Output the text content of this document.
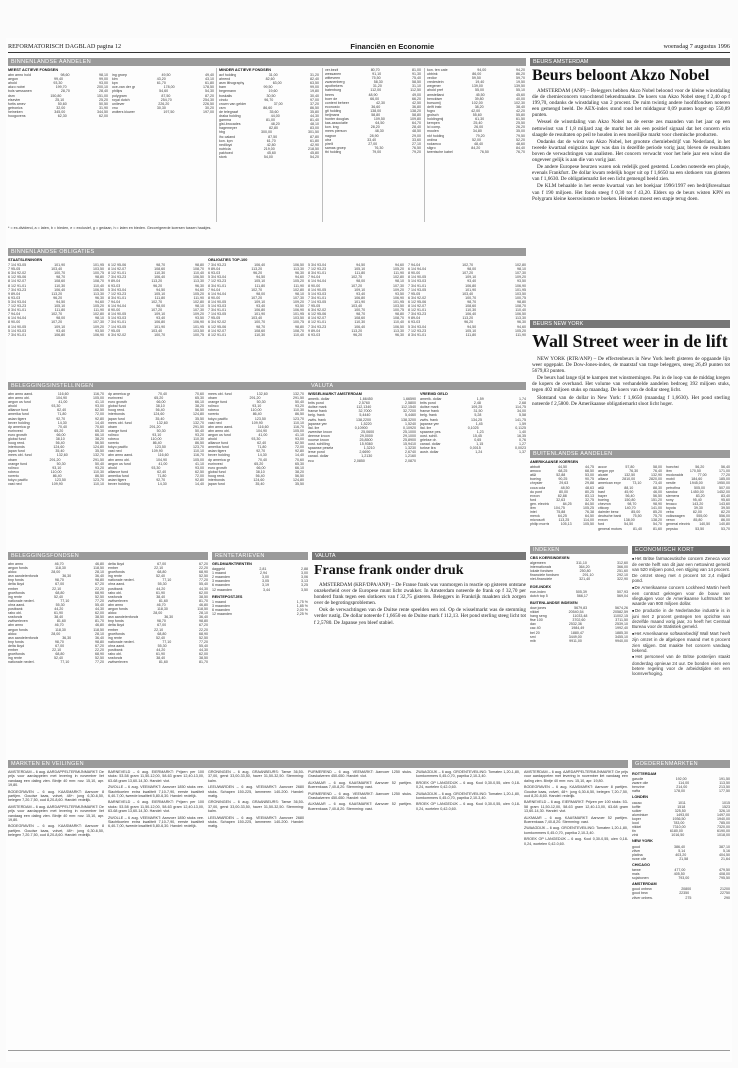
REFORMATORISCH DAGBLAD pagina 12	Financiën en Economie	woensdag 7 augustus 1996
BINNENLANDSE AANDELEN
MEEST ACTIEVE FONDSEN
abn amro hold	98,60	98,10
aegon	99,40	99,00
ahold	93,30	93,00
akzo nobel	199,70	200,10
bols wessanen	28,70	28,40
dsm	150,80	151,00
elsevier	25,10	25,20
fortis amev	50,60	50,50
getronics	32,00	31,90
heineken	345,00	344,50
hoogovens	62,30	62,00

ing groep	49,50	49,40
klm	43,20	43,10
kpn	61,70	61,80
oce-van der gr	178,00	178,50
philips	54,60	54,30
polygram	87,50	87,20
royal dutch	254,70	254,30
unilever	226,20	226,50
vnu	30,30	30,20
wolters kluwer	197,50	197,00
MINDER ACTIEVE FONDSEN
acf holding	31,00	31,20
ahrend	82,60	82,40
asm lithography	63,00	63,50
bam	99,50	99,00
begemann	19,60	19,80
boskalis	30,50	30,40
cindu	96,70	97,00
crown van gelder	37,00	37,20
csm	86,60	86,50
de telegraaf	35,60	35,80
draka holding	44,00	44,30
gamma	81,00	81,40
gist-brocades	48,20	48,10
hagemeyer	82,80	83,00
hbg	300,00	301,50
ihc caland	87,50	87,80
kon. kpn	61,70	61,80
nedlloyd	42,80	42,90
nutricia	219,00	218,50
pakhoed	45,60	45,80
stork	54,00	54,20
ver.bezit	80,70	81,00
wessanen	91,10	91,30
witteveen	75,50	75,40
zwanenberg	58,30	58,50
apothekers	31,20	31,10
batenburg	112,00	112,50
beers	48,90	49,00
boer de	66,00	66,20
content beheer	42,30	42,50
econosto	36,60	36,80
gti holding	138,00	138,20
heijmans	58,80	58,80
hunter douglas	109,50	109,80
kas-associatie	64,50	64,70
kon. kng	28,20	28,40
mees pierson	48,30	48,50
nagron	28,90	29,00
otra	33,40	33,60
pirelli	27,00	27,10
samas groep	76,30	76,50
tbi holding	79,00	79,20
kon. ten cate	94,00	94,20
ubbink	86,00	86,20
vedior	59,50	59,70
vredestein	19,40	19,50
wegener	139,00	139,50
ahold pref	55,00	55,10
amstelland	45,50	45,60
benckiser	39,80	40,00
borsumij	102,00	102,30
delft instr.	38,20	38,40
fugro	42,00	42,20
grolsch	55,60	55,80
holdingmij	61,30	61,50
kempen	25,40	25,50
lci comp.	26,00	26,20
moolen	34,80	35,00
nkf holding	79,20	79,50
ordina	52,00	52,20
rodamco	48,40	48,60
sligro	84,20	84,40
twentsche kabel	76,50	76,70
* = ex-dividend, a = laten, b = bieden, e = exclusief, g = gedaan, h = laten en bieden. Gecorrigeerde koersen tussen haakjes.
BEURS AMSTERDAM
Beurs beloont Akzo Nobel

AMSTERDAM (ANP) – Beleggers hebben Akzo Nobel beloond voor de kleine winstdaling die de chemieconcern vanochtend bekendmaakte. De koers van Akzo Nobel steeg f 2,40 op f 199,70, ondanks de winstdaling van 2 procent. De ruim twintig andere hoofdfondsen noteren een gemengd beeld. De AEX-index stond rond het middaguur 0,09 punten hoger op 550,89 punten.

Wessel de winstdaling van Akzo Nobel na de eerste zes maanden van het jaar op een nettowinst van f 1,8 miljard zag de markt het als een positief signaal dat het concern erin slaagde de resultaten op peil te houden in een moeilijke markt voor chemische producten.

Ondanks dat de winst van Akzo Nobel, het grootste chemiebedrijf van Nederland, in het tweede kwartaal enigszins lager was dan in dezelfde periode vorig jaar, bleven de resultaten boven de verwachtingen van analisten. Het concern verwacht voor het hele jaar een winst die ongeveer gelijk is aan die van vorig jaar.

De andere Europese beurzen waren ook redelijk goed gestemd. Londen noteerde een plusje, evenals Frankfurt. De dollar kwam redelijk hoger uit op f 1,6650 na een slotkoers van gisteren van f 1,6630. De obligatiemarkt liet een licht gemengd beeld zien.

De KLM behaalde in het eerste kwartaal van het boekjaar 1996/1997 een bedrijfsresultaat van f 190 miljoen. Het fonds steeg f 0,30 tot f 43,20. Elders op de beurs wisten KPN en Polygram kleine koerswinsten te boeken. Heineken moest een stapje terug doen.

BINNENLANDSE OBLIGATIES
STAATSLENINGEN
7 1/4 93-05	101,90	101,95
7 95-05	103,40	103,50
6 3/4 92-02	100,70	100,75
6 1/2 95-06	98,70	98,80
8 1/4 92-07	108,60	108,70
8 1/2 91-01	110,30	110,40
7 3/4 93-23	106,40	106,50
9 89-04	113,20	113,30
6 93-03	96,20	96,30
5 3/4 93-04	94,50	94,60
7 1/2 93-23	105,10	105,20
8 3/4 91-01	111,80	111,90
7 94-04	102,70	102,80
6 1/4 94-04	98,00	98,10
8 90-00	107,20	107,30
8 1/4 90-05	109,10	109,20
5 1/4 93-03	93,40	93,50
7 3/4 91-01	106,80	106,90

6 1/2 95-06	98,70	98,80
8 1/4 92-07	108,60	108,70
8 1/2 91-01	110,30	110,40
7 3/4 93-23	106,40	106,50
9 89-04	113,20	113,30
6 93-03	96,20	96,30
5 3/4 93-04	94,50	94,60
7 1/2 93-23	105,10	105,20
8 3/4 91-01	111,80	111,90
7 94-04	102,70	102,80
6 1/4 94-04	98,00	98,10
8 90-00	107,20	107,30
8 1/4 90-05	109,10	109,20
5 1/4 93-03	93,40	93,50
7 3/4 91-01	106,80	106,90
7 1/4 93-05	101,90	101,95
7 95-05	103,40	103,50
6 3/4 92-02	100,70	100,75
OBLIGATIES TOP-100
7 3/4 93-23	106,40	106,50
9 89-04	113,20	113,30
6 93-03	96,20	96,30
5 3/4 93-04	94,50	94,60
7 1/2 93-23	105,10	105,20
8 3/4 91-01	111,80	111,90
7 94-04	102,70	102,80
6 1/4 94-04	98,00	98,10
8 90-00	107,20	107,30
8 1/4 90-05	109,10	109,20
5 1/4 93-03	93,40	93,50
7 3/4 91-01	106,80	106,90
7 1/4 93-05	101,90	101,95
7 95-05	103,40	103,50
6 3/4 92-02	100,70	100,75
6 1/2 95-06	98,70	98,80
8 1/4 92-07	108,60	108,70
8 1/2 91-01	110,30	110,40

5 3/4 93-04	94,50	94,60
7 1/2 93-23	105,10	105,20
8 3/4 91-01	111,80	111,90
7 94-04	102,70	102,80
6 1/4 94-04	98,00	98,10
8 90-00	107,20	107,30
8 1/4 90-05	109,10	109,20
5 1/4 93-03	93,40	93,50
7 3/4 91-01	106,80	106,90
7 1/4 93-05	101,90	101,95
7 95-05	103,40	103,50
6 3/4 92-02	100,70	100,75
6 1/2 95-06	98,70	98,80
8 1/4 92-07	108,60	108,70
8 1/2 91-01	110,30	110,40
7 3/4 93-23	106,40	106,50
9 89-04	113,20	113,30
6 93-03	96,20	96,30

7 94-04	102,70	102,80
6 1/4 94-04	98,00	98,10
8 90-00	107,20	107,30
8 1/4 90-05	109,10	109,20
5 1/4 93-03	93,40	93,50
7 3/4 91-01	106,80	106,90
7 1/4 93-05	101,90	101,95
7 95-05	103,40	103,50
6 3/4 92-02	100,70	100,75
6 1/2 95-06	98,70	98,80
8 1/4 92-07	108,60	108,70
8 1/2 91-01	110,30	110,40
7 3/4 93-23	106,40	106,50
9 89-04	113,20	113,30
6 93-03	96,20	96,30
5 3/4 93-04	94,50	94,60
7 1/2 93-23	105,10	105,20
8 3/4 91-01	111,80	111,90
BEURS NEW YORK
Wall Street weer in de lift

NEW YORK (RTR/ANP) – De effectenbeurs in New York heeft gisteren de opgaande lijn weer opgepakt. De Dow-Jones-index, de maatstaf van trage beleggers, steeg 26,49 punten tot 5679,83 punten.

De beurs had lange tijd te kampen met winstnemingen. Pas in de loop van de middag kregen de kopers de overhand. Het volume van verhandelde aandelen bedroeg 392 miljoen stuks, tegen 402 miljoen stuks op maandag. De koers van de dollar steeg licht.

Slotstand van de dollar in New York: f 1,6650 (maandag f 1,6630). Het pond sterling noteerde f 2,5800. De Amerikaanse obligatiemarkt sloot licht hoger.

BELEGGINGSINSTELLINGEN
abn amro aand.	116,60	116,70
abn amro obl.	104,90	105,00
aegon us fund	41,00	41,10
ahold	93,30	93,00
alliance fund	62,40	62,50
amerika fund	71,80	72,00
asian tigers	92,70	92,80
bever holding	14,30	14,40
dp america gr	70,40	70,60
eurinvest	65,20	65,30
euro growth	66,00	66,10
global fund	38,10	38,20
hoog rend.	56,40	56,50
interbonds	124,60	124,80
japan fund	35,40	35,50
mees obl. fund	132,60	132,70
obam	291,20	291,50
orange fund	50,30	50,40
rolinco	93,10	93,20
robeco	110,00	110,30
rorento	86,40	86,50
tokyo pacific	123,50	123,70
vast ned	109,90	110,10
dp america gr	70,40	70,60
eurinvest	65,20	65,30
euro growth	66,00	66,10
global fund	38,10	38,20
hoog rend.	56,40	56,50
interbonds	124,60	124,80
japan fund	35,40	35,50
mees obl. fund	132,60	132,70
obam	291,20	291,50
orange fund	50,30	50,40
rolinco	93,10	93,20
robeco	110,00	110,30
rorento	86,40	86,50
tokyo pacific	123,50	123,70
vast ned	109,90	110,10
abn amro aand.	116,60	116,70
abn amro obl.	104,90	105,00
aegon us fund	41,00	41,10
ahold	93,30	93,00
alliance fund	62,40	62,50
amerika fund	71,80	72,00
asian tigers	92,70	92,80
bever holding	14,30	14,40
mees obl. fund	132,60	132,70
obam	291,20	291,50
orange fund	50,30	50,40
rolinco	93,10	93,20
robeco	110,00	110,30
rorento	86,40	86,50
tokyo pacific	123,50	123,70
vast ned	109,90	110,10
abn amro aand.	116,60	116,70
abn amro obl.	104,90	105,00
aegon us fund	41,00	41,10
ahold	93,30	93,00
alliance fund	62,40	62,50
amerika fund	71,80	72,00
asian tigers	92,70	92,80
bever holding	14,30	14,40
dp america gr	70,40	70,60
eurinvest	65,20	65,30
euro growth	66,00	66,10
global fund	38,10	38,20
hoog rend.	56,40	56,50
interbonds	124,60	124,80
japan fund	35,40	35,50
VALUTA
WISSELMARKT AMSTERDAM
amerik. dollar	1,66450	1,66590
brits pond	2,5760	2,5800
duitse mark	112,1340	112,1540
franse frank	32,7000	32,7200
belg. frank	5,4440	5,4460
zwits. frank	138,2200	138,3200
japanse yen	1,5220	1,5240
ital. lire	0,10900	0,10920
zweedse kroon	25,0600	25,1000
deense kroon	29,0000	29,1000
noorse kroon	25,8500	25,8900
oost. schilling	15,9360	15,9410
spaanse peseta	1,3210	1,3230
ierse pond	2,6690	2,6740
canad. dollar	1,2130	1,2160
ecu	2,0850	2,0870
VREEMD GELD
amerik. dollar	1,59	1,74
brits pond	2,48	2,68
duitse mark	109,25	114,75
franse frank	31,50	34,00
belg. frank	5,28	5,58
zwits. frank	134,25	141,75
japanse yen	1,45	1,59
ital. lire	0,1025	0,1125
spaanse pes.	1,23	1,40
oost. schill.	15,45	16,35
griekse dr.	0,65	0,76
canad. dollar	1,15	1,27
turkse lira	0,0015	0,0023
austr. dollar	1,24	1,37	BUITENLANDSE AANDELEN
AMERIKAANSE KOERSEN
abbott	44,50	44,75
amoco	68,25	68,50
at&t	52,88	53,00
boeing	90,25	90,75
chrysler	29,63	29,88
coca cola	48,50	48,63
du pont	80,00	80,25
exxon	82,88	83,13
ford	32,63	32,75
gen. electric	84,25	84,50
ibm	104,75	105,25
intel	75,88	76,38
merck	64,25	64,50
microsoft	113,25	114,00
philip morris	105,13	105,50

accor	57,80	58,00
aegon ppr	76,30	76,40
alcatel	132,50	132,90
allianz	2810,00	2820,00
american expr	73,10	73,40
at&t	88,10	88,30
basf	45,90	46,00
bayer	56,40	56,50
boeing	150,80	151,20
chevron	98,70	98,90
citicorp	140,70	141,00
daimler benz	85,00	85,20
deutsche bank	75,50	75,70
exxon	138,00	138,20
ford	54,50	54,70
general motors	81,40	81,60

hoechst	56,20	56,40
ibm	170,50	171,00
mcdonalds	77,00	77,20
mobil	184,60	185,00
nestle	1945,00	1950,00
petrofina	505,00	507,00
sandoz	1450,00	1452,00
siemens	83,20	83,40
sony	95,40	95,60
texaco	143,20	143,60
toyota	39,30	39,50
veba	82,00	82,20
volkswagen	555,00	556,00
xerox	85,80	86,00
general electric	140,50	140,80
pepsico	53,50	53,70
BELEGGINGSFONDSEN
abn amro	46,70	46,80
aegon fonds	118,30	118,50
aldoc	28,00	28,10
asn aandelenfonds	36,30	36,40
bnp fonds	98,70	98,80
delta lloyd	67,00	67,20
ember	22,10	22,20
groeifonds	68,80	68,90
ing rente	52,40	52,50
nationale nederl.	77,10	77,20
ohra aand.	55,30	55,40
postbank	44,20	44,30
rabo obl.	61,90	62,00
snsfonds	38,40	38,50
zwitserleven	81,60	81,70
abn amro	46,70	46,80
aegon fonds	118,30	118,50
aldoc	28,00	28,10
asn aandelenfonds	36,30	36,40
bnp fonds	98,70	98,80
delta lloyd	67,00	67,20
ember	22,10	22,20
groeifonds	68,80	68,90
ing rente	52,40	52,50
nationale nederl.	77,10	77,20
delta lloyd	67,00	67,20
ember	22,10	22,20
groeifonds	68,80	68,90
ing rente	52,40	52,50
nationale nederl.	77,10	77,20
ohra aand.	55,30	55,40
postbank	44,20	44,30
rabo obl.	61,90	62,00
snsfonds	38,40	38,50
zwitserleven	81,60	81,70
abn amro	46,70	46,80
aegon fonds	118,30	118,50
aldoc	28,00	28,10
asn aandelenfonds	36,30	36,40
bnp fonds	98,70	98,80
delta lloyd	67,00	67,20
ember	22,10	22,20
groeifonds	68,80	68,90
ing rente	52,40	52,50
nationale nederl.	77,10	77,20
ohra aand.	55,30	55,40
postbank	44,20	44,30
rabo obl.	61,90	62,00
snsfonds	38,40	38,50
zwitserleven	81,60	81,70
RENTETARIEVEN
GELDMARKTRENTEN
daggeld	2,81	2,88
1 maand	2,94	3,00
2 maanden	3,00	3,06
3 maanden	3,05	3,13
6 maanden	3,19	3,25
12 maanden	3,44	3,50
RENTEPOSTJES
1 maand	1,75 %
3 maanden	1,85 %
6 maanden	2,00 %
12 maanden	2,25 %
VALUTA
Franse frank onder druk

AMSTERDAM (KRF/DPA/ANP) – De Franse frank was vanmorgen in reactie op gisteren ontstane onzekerheid over de Europese munt licht zwakker. In Amsterdam noteerde de frank op f 32,70 per honderd frank tegen een slotkoers van f 32,75 gisteren. Beleggers in Frankrijk maakten zich zorgen over de begrotingsproblemen.

Ook de verwachtingen van de Duitse rente speelden een rol. Op de wisselmarkt was de stemming verder rustig. De dollar noteerde f 1,6650 en de Duitse mark f 112,13. Het pond sterling steeg licht tot f 2,5780. De Japanse yen bleef stabiel.

INDEXEN
CBS KOERSINDEXEN
algemeen	311,10	312,60
internationals	364,20	366,00
lokale fondsen	250,80	251,60
financiele fondsen	291,10	292,10
niet-financiele	321,40	322,90
EOE-INDEX
eoe-index	505,39	507,93
dutch top 5	566,17	569,04
BUITENLANDSE INDEXEN
dow jones	5679,83	5674,26
nikkei	20540,54	20582,59
hang seng	11033,48	11002,15
ftse 100	3702,60	3711,50
dax	2532,36	2539,10
cac 40	1984,49	1992,40
bel 20	1880,47	1885,30
smi	3449,00	3455,10
mib	9911,00	9940,00
ECONOMISCH KORT

■ Het Britse farmaceutische concern Zeneca voor de eerste helft van dit jaar een nettowinst gemeld van 520 miljoen pond, een stijging van 14 procent. De omzet steeg met 4 procent tot 2,4 miljard pond.

■ De Amerikaanse concern Lockheed Martin heeft een contract gekregen voor de bouw van vliegtuigen voor de Amerikaanse luchtmacht ter waarde van 900 miljoen dollar.

■ De productie in de Nederlandse industrie is in juni met 2 procent gestegen ten opzichte van dezelfde maand vorig jaar, zo heeft het Centraal Bureau voor de Statistiek gemeld.

■ Het Amerikaanse softwarebedrijf Wall Mart heeft zijn omzet in de afgelopen maand met 6 procent zien stijgen. Dat maakte het concern vandaag bekend.

■ Het personeel van de Britse posterijen staakt donderdag opnieuw 24 uur. De bonden eisen een betere regeling voor de arbeidstijden en een loonsverhoging.

GOEDERENMARKTEN
ROTTERDAM
gasolie	192,00	191,50
zware olie	114,00	113,50
benzine	214,00	213,50
nafta	178,00	177,50
LONDEN
cacao	1011	1015
koffie	1518	1523
suiker	325,50	326,10
aluminium	1493,00	1497,00
koper	1936,50	1940,00
lood	783,00	785,00
nikkel	7310,00	7320,00
tin	6180,00	6190,00
zink	1016,50	1018,00
NEW YORK
goud	386,40	387,10
zilver	5,14	5,16
platina	403,20	404,50
ruwe olie	21,58	21,64
CHICAGO
tarwe	477,00	479,50
mais	405,50	408,00
sojabonen	793,00	795,50
AMSTERDAM
goud onbew.	20800	21200
goud bew.	22350	22750
zilver onbew.	275	290
MARKTEN EN VEILINGEN

AMSTERDAM – 6 aug. AARDAPPELTERMIJNMARKT: De prijs voor aardappelen met levering in november liet vandaag een daling zien. Bintje 40 mm: nov. 15,10, apr. 19,80.

BODEGRAVEN – 6 aug. KAASMARKT: Aanvoer 8 partijen. Goudse kaas, volvet, 48+: jong 6,30-6,50, belegen 7,20-7,50, oud 8,20-8,60. Handel: redelijk.

AMSTERDAM – 6 aug. AARDAPPELTERMIJNMARKT: De prijs voor aardappelen met levering in november liet vandaag een daling zien. Bintje 40 mm: nov. 15,10, apr. 19,80.

BODEGRAVEN – 6 aug. KAASMARKT: Aanvoer 8 partijen. Goudse kaas, volvet, 48+: jong 6,30-6,50, belegen 7,20-7,50, oud 8,20-8,60. Handel: redelijk.

BARNEVELD – 6 aug. EIERMARKT: Prijzen per 100 stuks: 53-58 gram 11,50-12,00, 58-63 gram 12,40-13,00, 63-68 gram 13,60-14,30. Handel: vlot.

ZWOLLE – 6 aug. VEEMARKT: Aanvoer 1850 stuks vee. Slachtkoeien extra kwaliteit 7,10-7,90, eerste kwaliteit 6,40-7,00, tweede kwaliteit 5,80-6,30. Handel: redelijk.

BARNEVELD – 6 aug. EIERMARKT: Prijzen per 100 stuks: 53-58 gram 11,50-12,00, 58-63 gram 12,40-13,00, 63-68 gram 13,60-14,30. Handel: vlot.

ZWOLLE – 6 aug. VEEMARKT: Aanvoer 1850 stuks vee. Slachtkoeien extra kwaliteit 7,10-7,90, eerste kwaliteit 6,40-7,00, tweede kwaliteit 5,80-6,30. Handel: redelijk.

GRONINGEN – 6 aug. GRAANBEURS: Tarwe 36,50-37,00, gerst 33,00-33,50, haver 31,50-32,50. Stemming: kalm.

LEEUWARDEN – 6 aug. VEEMARKT: Aanvoer 2680 stuks. Schapen 150-225, lammeren 140-200. Handel: matig.

GRONINGEN – 6 aug. GRAANBEURS: Tarwe 36,50-37,00, gerst 33,00-33,50, haver 31,50-32,50. Stemming: kalm.

LEEUWARDEN – 6 aug. VEEMARKT: Aanvoer 2680 stuks. Schapen 150-225, lammeren 140-200. Handel: matig.

PURMEREND – 6 aug. VEEMARKT: Aanvoer 1250 stuks. Graskalveren 450-650. Handel: vlot.

ALKMAAR – 6 aug. KAASMARKT: Aanvoer 52 partijen. Boerenkaas 7,40-8,20. Stemming: vast.

PURMEREND – 6 aug. VEEMARKT: Aanvoer 1250 stuks. Graskalveren 450-650. Handel: vlot.

ALKMAAR – 6 aug. KAASMARKT: Aanvoer 52 partijen. Boerenkaas 7,40-8,20. Stemming: vast.

ZWAAGDIJK – 6 aug. GROENTEVEILING: Tomaten 1,20-1,80, komkommers 0,45-0,70, paprika 2,10-3,40.

BROEK OP LANGEDIJK – 6 aug. Kool 0,30-0,55, uien 0,18-0,24, wortelen 0,42-0,60.

ZWAAGDIJK – 6 aug. GROENTEVEILING: Tomaten 1,20-1,80, komkommers 0,45-0,70, paprika 2,10-3,40.

BROEK OP LANGEDIJK – 6 aug. Kool 0,30-0,55, uien 0,18-0,24, wortelen 0,42-0,60.

AMSTERDAM – 6 aug. AARDAPPELTERMIJNMARKT: De prijs voor aardappelen met levering in november liet vandaag een daling zien. Bintje 40 mm: nov. 15,10, apr. 19,80.

BODEGRAVEN – 6 aug. KAASMARKT: Aanvoer 8 partijen. Goudse kaas, volvet, 48+: jong 6,30-6,50, belegen 7,20-7,50, oud 8,20-8,60. Handel: redelijk.

BARNEVELD – 6 aug. EIERMARKT: Prijzen per 100 stuks: 53-58 gram 11,50-12,00, 58-63 gram 12,40-13,00, 63-68 gram 13,60-14,30. Handel: vlot.

ALKMAAR – 6 aug. KAASMARKT: Aanvoer 52 partijen. Boerenkaas 7,40-8,20. Stemming: vast.

ZWAAGDIJK – 6 aug. GROENTEVEILING: Tomaten 1,20-1,80, komkommers 0,45-0,70, paprika 2,10-3,40.

BROEK OP LANGEDIJK – 6 aug. Kool 0,30-0,55, uien 0,18-0,24, wortelen 0,42-0,60.
